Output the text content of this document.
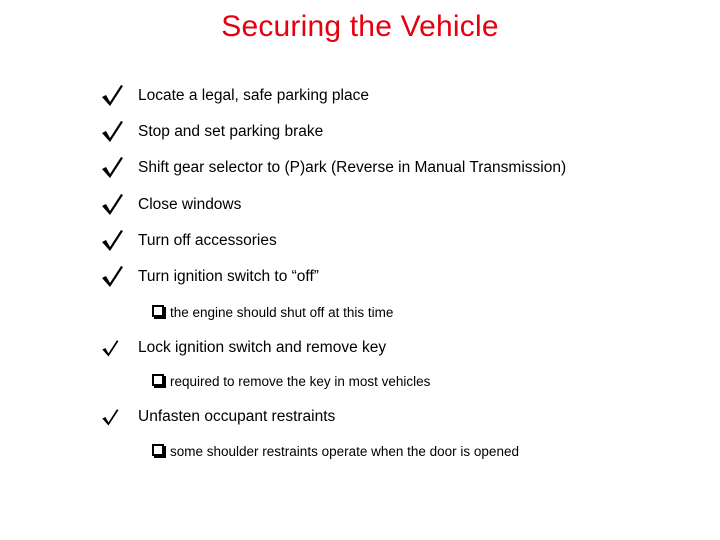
Securing the Vehicle
Locate a legal, safe parking place
Stop and set parking brake
Shift gear selector to (P)ark (Reverse in Manual Transmission)
Close windows
Turn off accessories
Turn ignition switch to “off”
the engine should shut off at this time
Lock ignition switch and remove key
required to remove the key in most vehicles
Unfasten occupant restraints
some shoulder restraints operate when the door is opened
